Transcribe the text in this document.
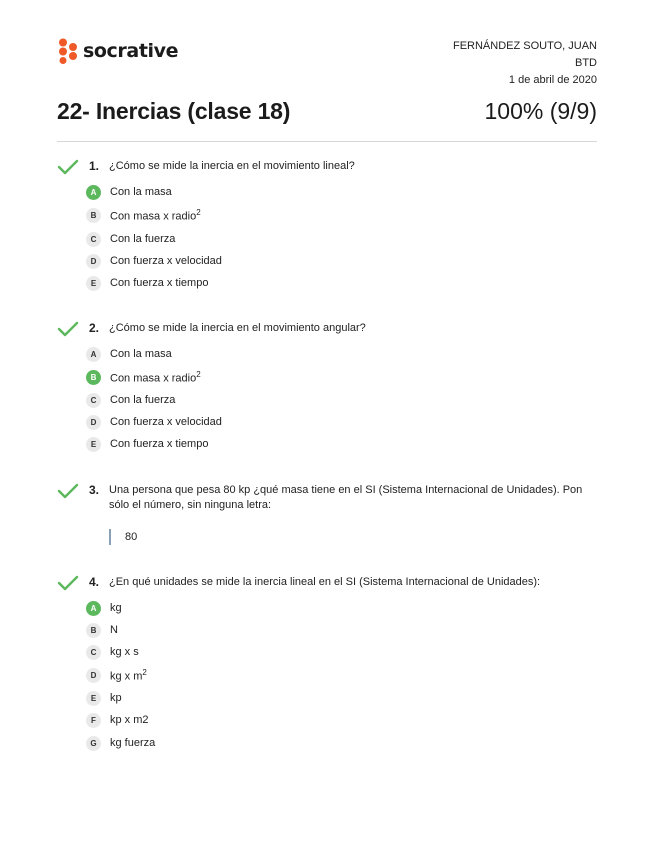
socrative	FERNÁNDEZ SOUTO, JUAN
BTD
1 de abril de 2020
22- Inercias (clase 18)	100% (9/9)
1. ¿Cómo se mide la inercia en el movimiento lineal?
A	Con la masa
B	Con masa x radio$^2$
C	Con la fuerza
D	Con fuerza x velocidad
E	Con fuerza x tiempo
2. ¿Cómo se mide la inercia en el movimiento angular?
A	Con la masa
B	Con masa x radio$^2$
C	Con la fuerza
D	Con fuerza x velocidad
E	Con fuerza x tiempo
3. Una persona que pesa 80 kp ¿qué masa tiene en el SI (Sistema Internacional de Unidades). Pon sólo el número, sin ninguna letra:
80
4. ¿En qué unidades se mide la inercia lineal en el SI (Sistema Internacional de Unidades):
A	kg
B	N
C	kg x s
D	kg x $m^2$
E	kp
F	kp x m2
G	kg fuerza
